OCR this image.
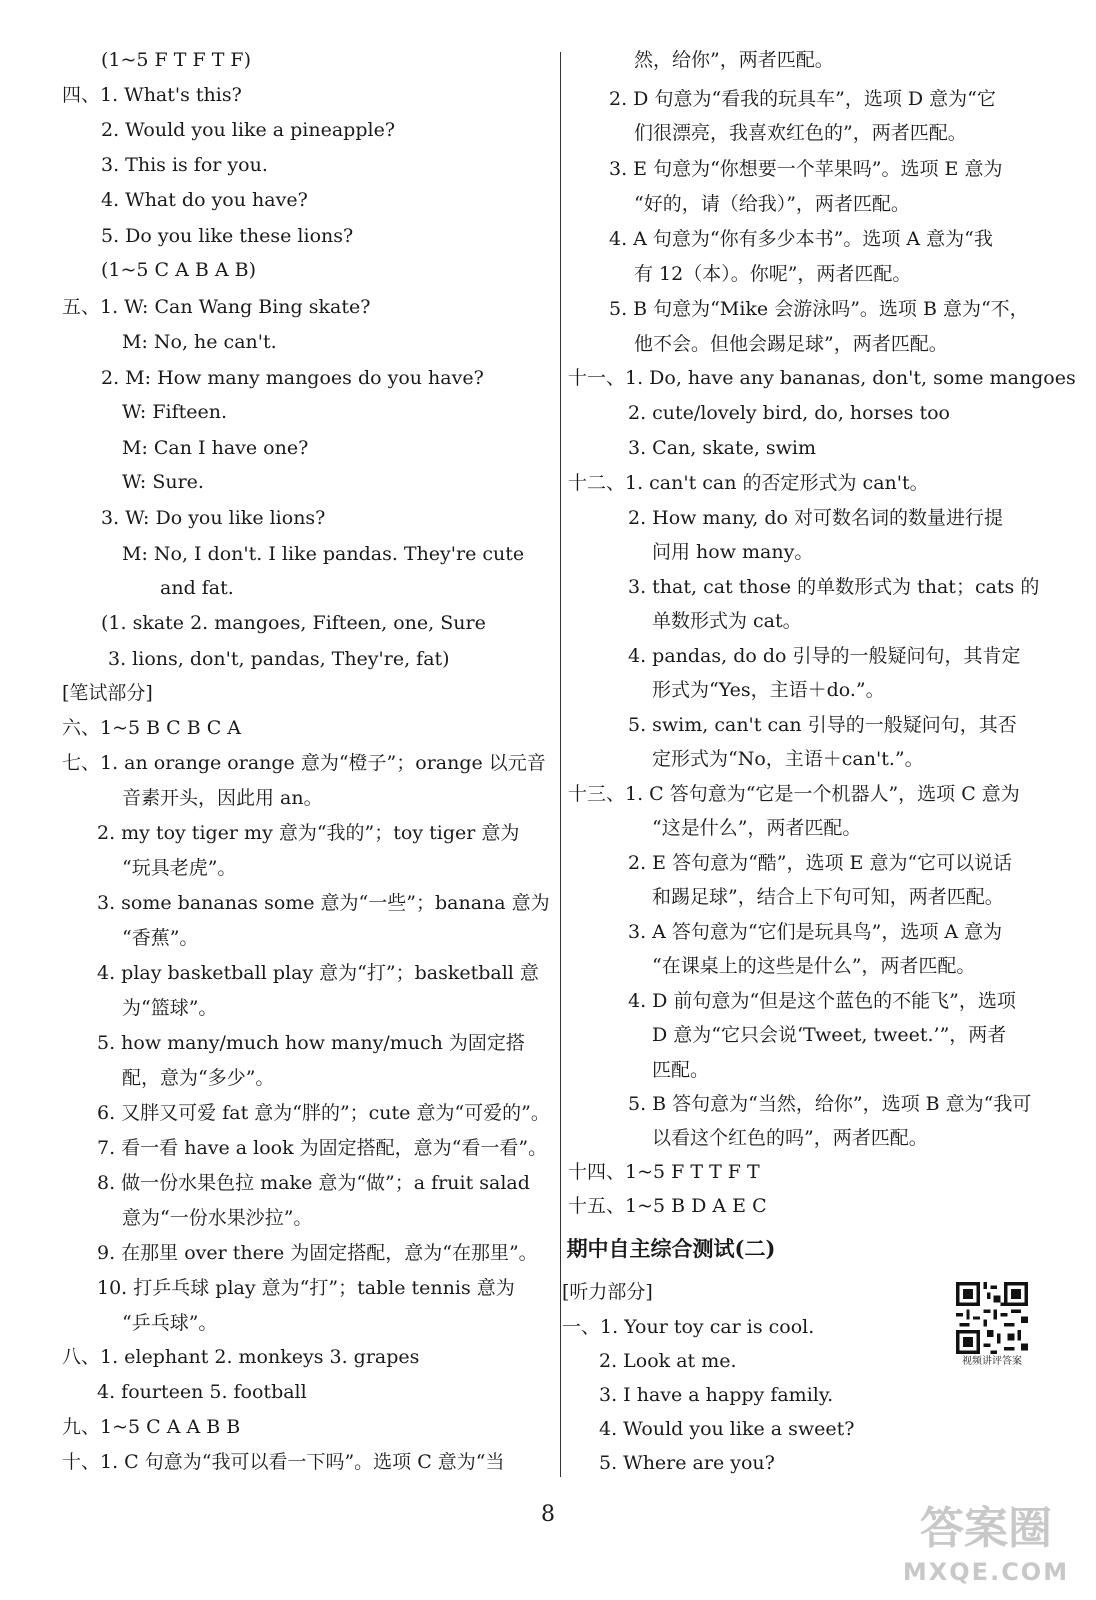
(1~5 F T F T F)
四、1. What's this?
2. Would you like a pineapple?
3. This is for you.
4. What do you have?
5. Do you like these lions?
(1~5 C A B A B)
五、1. W: Can Wang Bing skate?
M: No, he can't.
2. M: How many mangoes do you have?
W: Fifteen.
M: Can I have one?
W: Sure.
3. W: Do you like lions?
M: No, I don't. I like pandas. They're cute
and fat.
(1. skate 2. mangoes, Fifteen, one, Sure
3. lions, don't, pandas, They're, fat)
[笔试部分]
六、1~5 B C B C A
七、1. an orange orange 意为“橙子”；orange 以元音
音素开头，因此用 an。
2. my toy tiger my 意为“我的”；toy tiger 意为
“玩具老虎”。
3. some bananas some 意为“一些”；banana 意为
“香蕉”。
4. play basketball play 意为“打”；basketball 意
为“篮球”。
5. how many/much how many/much 为固定搭
配，意为“多少”。
6. 又胖又可爱 fat 意为“胖的”；cute 意为“可爱的”。
7. 看一看 have a look 为固定搭配，意为“看一看”。
8. 做一份水果色拉 make 意为“做”；a fruit salad
意为“一份水果沙拉”。
9. 在那里 over there 为固定搭配，意为“在那里”。
10. 打乒乓球 play 意为“打”；table tennis 意为
“乒乓球”。
八、1. elephant 2. monkeys 3. grapes
4. fourteen 5. football
九、1~5 C A A B B
十、1. C 句意为“我可以看一下吗”。选项 C 意为“当
然，给你”，两者匹配。
2. D 句意为“看我的玩具车”，选项 D 意为“它
们很漂亮，我喜欢红色的”，两者匹配。
3. E 句意为“你想要一个苹果吗”。选项 E 意为
“好的，请（给我）”，两者匹配。
4. A 句意为“你有多少本书”。选项 A 意为“我
有 12（本）。你呢”，两者匹配。
5. B 句意为“Mike 会游泳吗”。选项 B 意为“不，
他不会。但他会踢足球”，两者匹配。
十一、1. Do, have any bananas, don't, some mangoes
2. cute/lovely bird, do, horses too
3. Can, skate, swim
十二、1. can't can 的否定形式为 can't。
2. How many, do 对可数名词的数量进行提
问用 how many。
3. that, cat those 的单数形式为 that；cats 的
单数形式为 cat。
4. pandas, do do 引导的一般疑问句，其肯定
形式为“Yes，主语＋do.”。
5. swim, can't can 引导的一般疑问句，其否
定形式为“No，主语＋can't.”。
十三、1. C 答句意为“它是一个机器人”，选项 C 意为
“这是什么”，两者匹配。
2. E 答句意为“酷”，选项 E 意为“它可以说话
和踢足球”，结合上下句可知，两者匹配。
3. A 答句意为“它们是玩具鸟”，选项 A 意为
“在课桌上的这些是什么”，两者匹配。
4. D 前句意为“但是这个蓝色的不能飞”，选项
D 意为“它只会说‘Tweet, tweet.’”，两者
匹配。
5. B 答句意为“当然，给你”，选项 B 意为“我可
以看这个红色的吗”，两者匹配。
十四、1~5 F T T F T
十五、1~5 B D A E C
[听力部分]
一、1. Your toy car is cool.
2. Look at me.
3. I have a happy family.
4. Would you like a sweet?
5. Where are you?
期中自主综合测试(二)
视频讲评答案
8	答案圈
MXQE.COM
